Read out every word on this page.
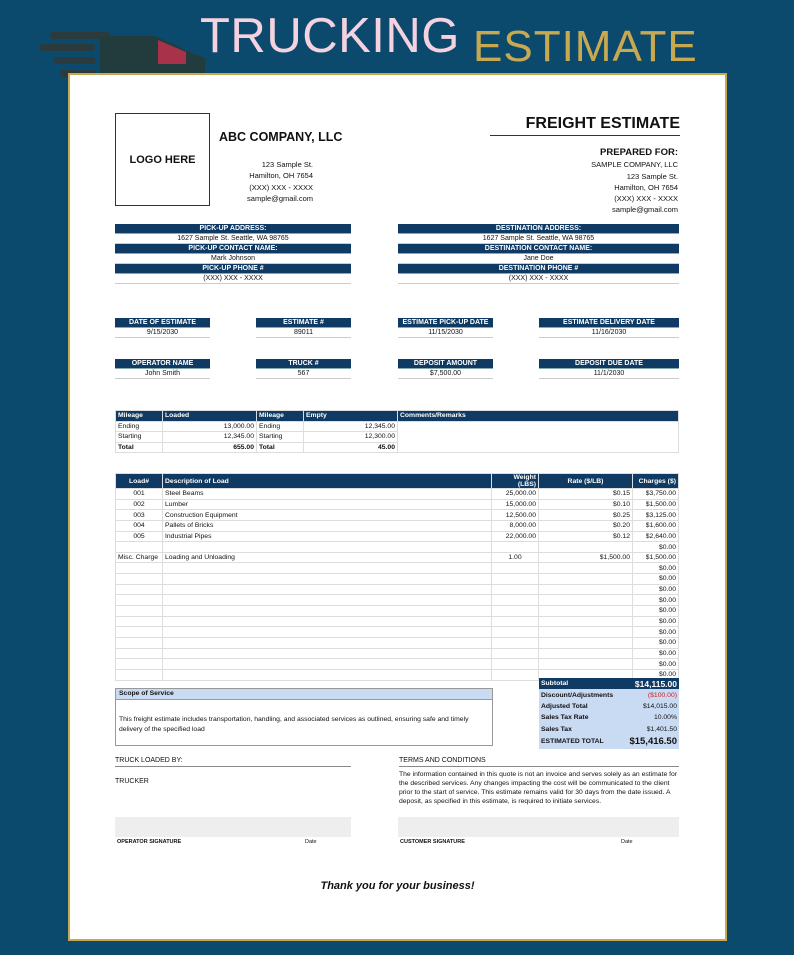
TRUCKING ESTIMATE
LOGO HERE
ABC COMPANY, LLC
123 Sample St.
Hamilton, OH 7654
(XXX) XXX - XXXX
sample@gmail.com
FREIGHT ESTIMATE
PREPARED FOR:
SAMPLE COMPANY, LLC
123 Sample St.
Hamilton, OH 7654
(XXX) XXX - XXXX
sample@gmail.com
PICK-UP ADDRESS:
1627 Sample St. Seattle, WA 98765
PICK-UP CONTACT NAME:
Mark Johnson
PICK-UP PHONE #
(XXX) XXX - XXXX
DESTINATION ADDRESS:
1627 Sample St. Seattle, WA 98765
DESTINATION CONTACT NAME:
Jane Doe
DESTINATION PHONE #
(XXX) XXX - XXXX
DATE OF ESTIMATE
9/15/2030
ESTIMATE #
89011
ESTIMATE PICK-UP DATE
11/15/2030
ESTIMATE DELIVERY DATE
11/16/2030
OPERATOR NAME
John Smith
TRUCK #
567
DEPOSIT AMOUNT
$7,500.00
DEPOSIT DUE DATE
11/1/2030
Mileage	Loaded	Mileage	Empty	Comments/Remarks
Ending	13,000.00	Ending	12,345.00	
Starting	12,345.00	Starting	12,300.00	
Total	655.00	Total	45.00	
Load#	Description of Load	Weight (LBS)	Rate ($/LB)	Charges ($)
001	Steel Beams	25,000.00	$0.15	$3,750.00
002	Lumber	15,000.00	$0.10	$1,500.00
003	Construction Equipment	12,500.00	$0.25	$3,125.00
004	Pallets of Bricks	8,000.00	$0.20	$1,600.00
005	Industrial Pipes	22,000.00	$0.12	$2,640.00
				$0.00
Misc. Charge	Loading and Unloading	1.00	$1,500.00	$1,500.00
				$0.00
				$0.00
				$0.00
				$0.00
				$0.00
				$0.00
				$0.00
				$0.00
				$0.00
				$0.00
				$0.00
Scope of Service
This freight estimate includes transportation, handling, and associated services as outlined, ensuring safe and timely delivery of the specified load
Subtotal	$14,115.00
Discount/Adjustments	($100.00)
Adjusted Total	$14,015.00
Sales Tax Rate	10.00%
Sales Tax	$1,401.50
ESTIMATED TOTAL	$15,416.50
TRUCK LOADED BY:
TRUCKER
OPERATOR SIGNATURE	Date
TERMS AND CONDITIONS
The information contained in this quote is not an invoice and serves solely as an estimate for the described services. Any changes impacting the cost will be communicated to the client prior to the start of service. This estimate remains valid for 30 days from the date issued. A deposit, as specified in this estimate, is required to initiate services.
CUSTOMER SIGNATURE	Date
Thank you for your business!
